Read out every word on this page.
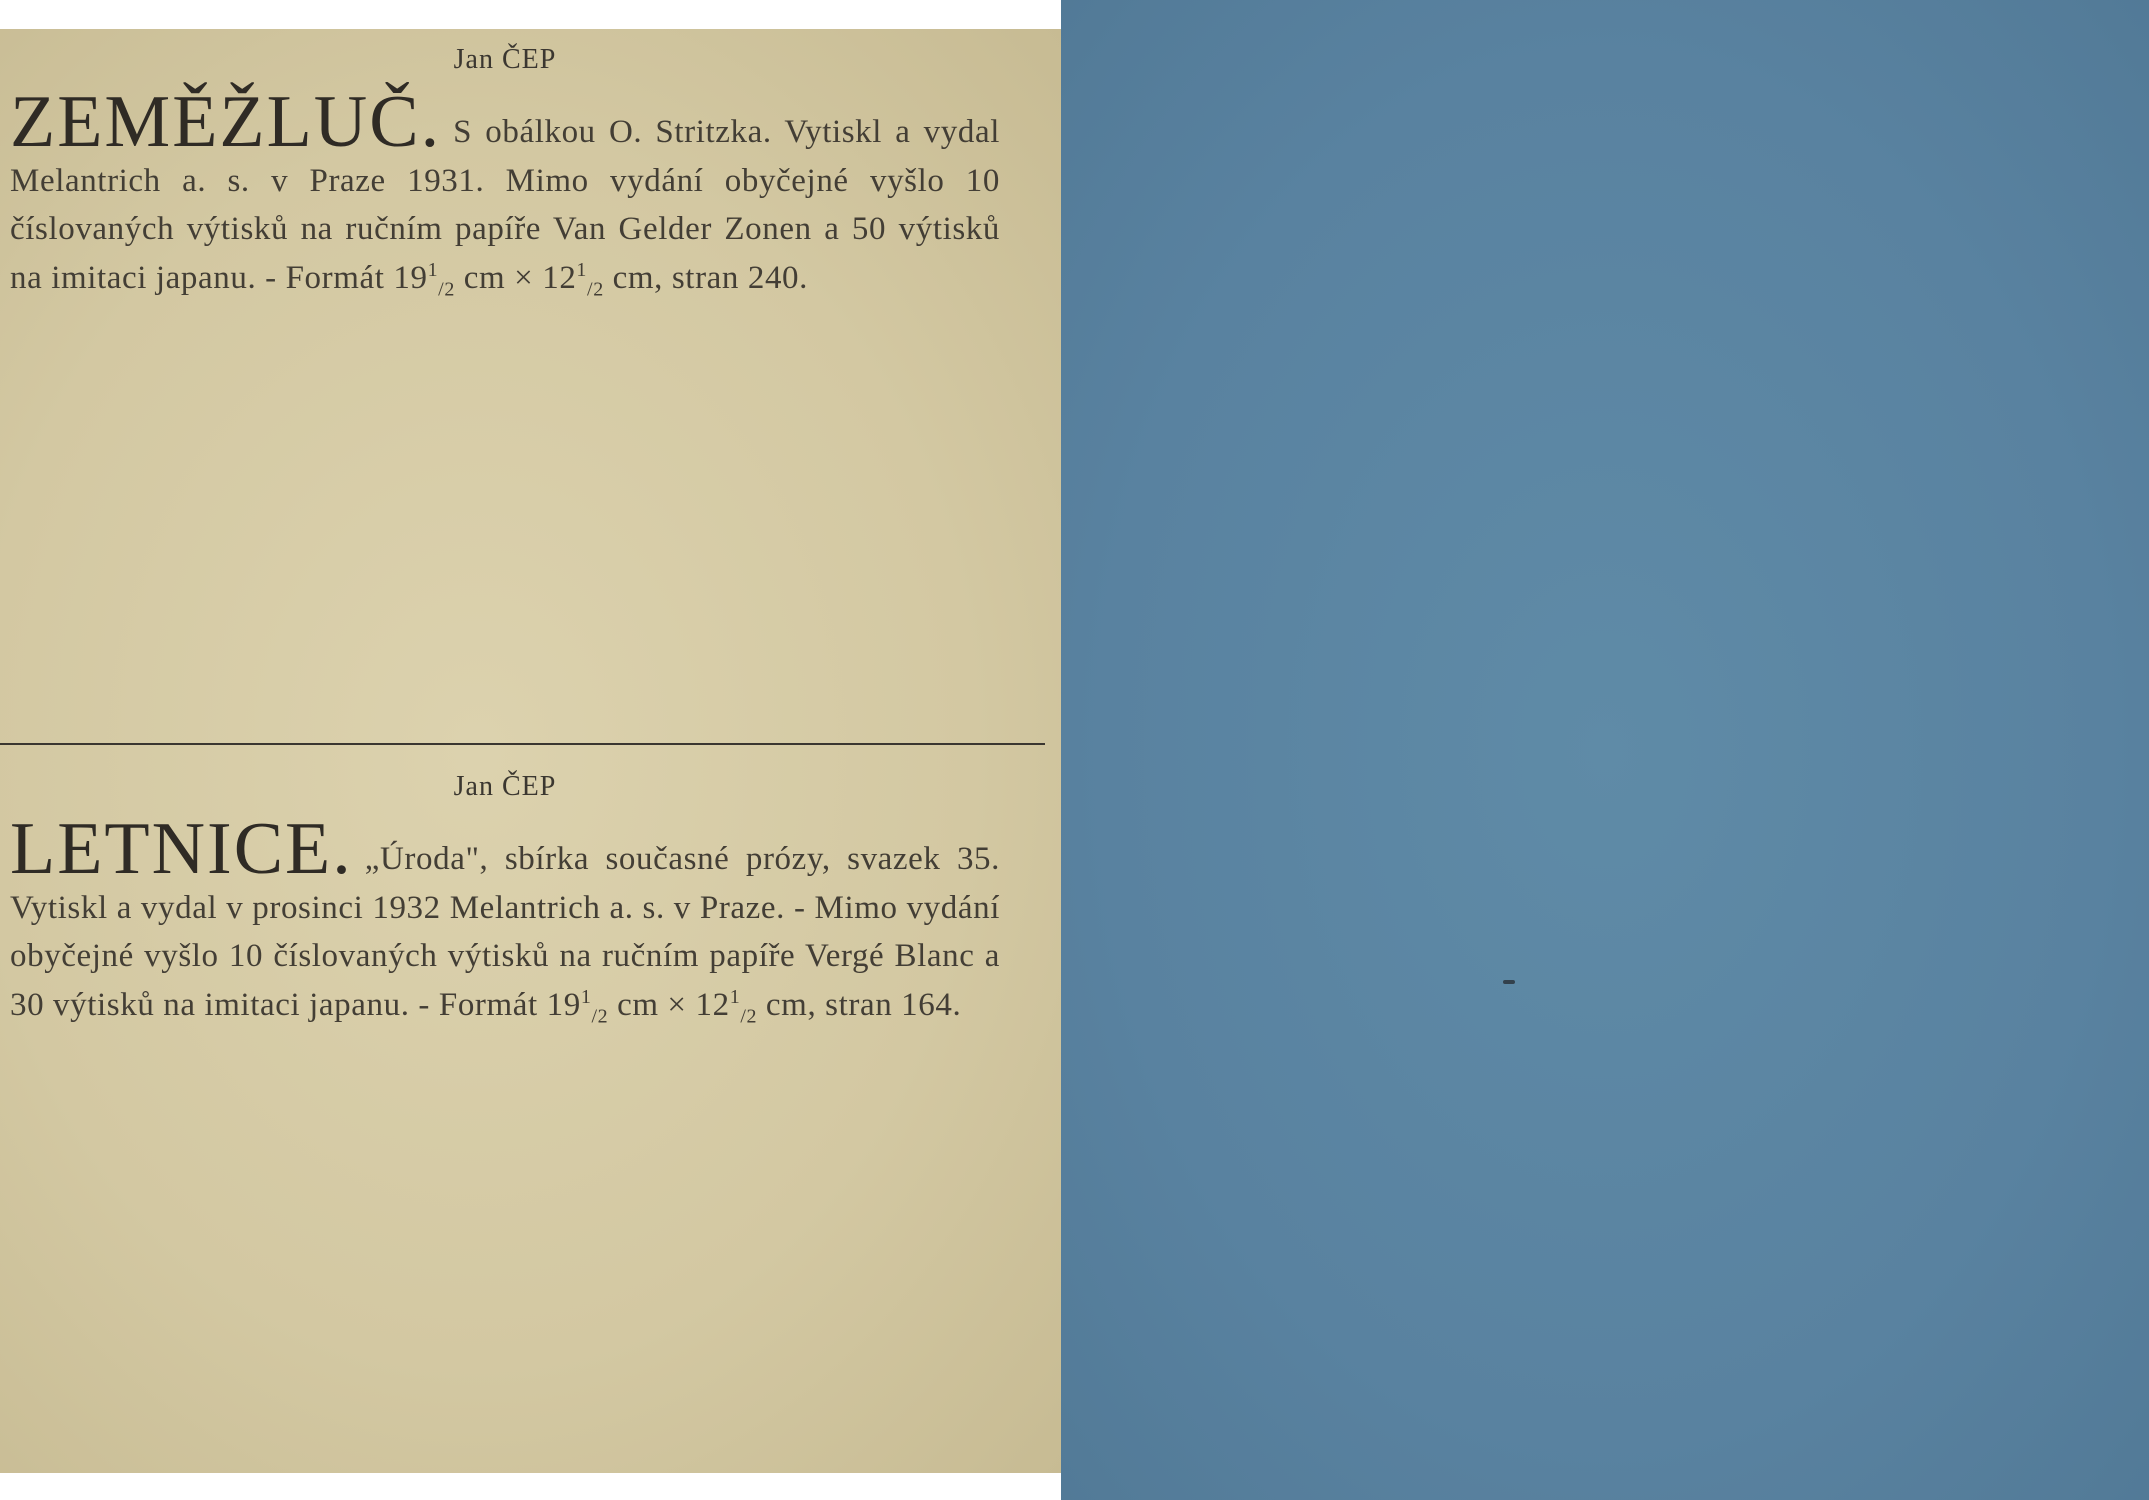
Jan ČEP
ZEMĚŽLUČ. S obálkou O. Stritzka. Vytiskl a vydal Melantrich a. s. v Praze 1931. Mimo vydání obyčejné vyšlo 10 číslovaných výtisků na ručním papíře Van Gelder Zonen a 50 výtisků na imitaci japanu. - Formát $19^1_{/2}$ cm × $12^1_{/2}$ cm, stran 240.
Jan ČEP
LETNICE. „Úroda", sbírka současné prózy, svazek 35. Vytiskl a vydal v prosinci 1932 Melantrich a. s. v Praze. - Mimo vydání obyčejné vyšlo 10 číslovaných výtisků na ručním papíře Vergé Blanc a 30 výtisků na imitaci japanu. - Formát $19^1_{/2}$ cm × $12^1_{/2}$ cm, stran 164.
